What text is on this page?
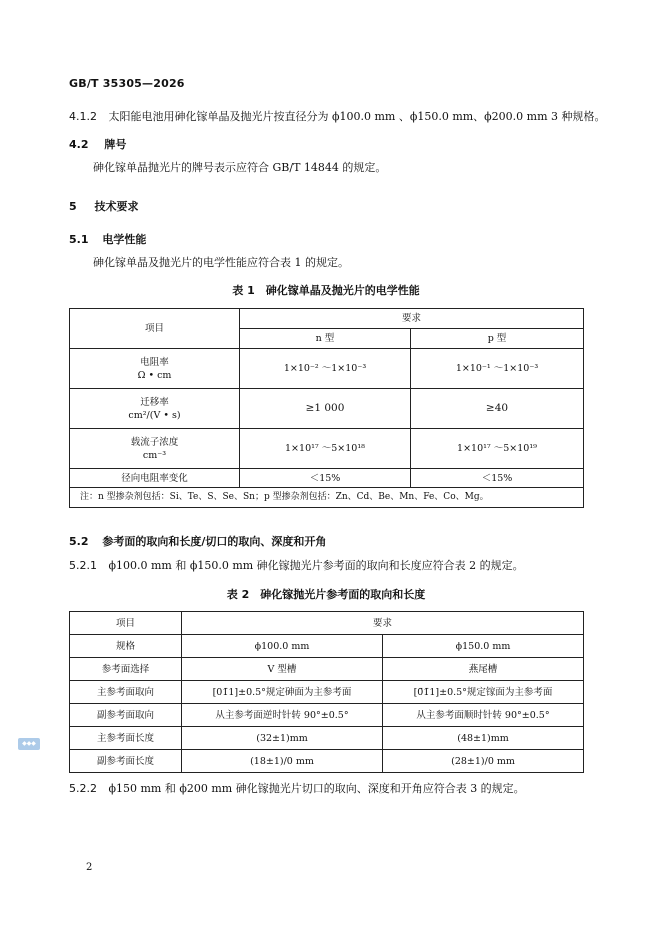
GB/T 35305—2026
4.1.2 太阳能电池用砷化镓单晶及抛光片按直径分为 ϕ100.0 mm 、ϕ150.0 mm、ϕ200.0 mm 3 种规格。
4.2 牌号
砷化镓单晶抛光片的牌号表示应符合 GB/T 14844 的规定。
5 技术要求
5.1 电学性能
砷化镓单晶及抛光片的电学性能应符合表 1 的规定。
表 1　砷化镓单晶及抛光片的电学性能
项目	要求	
	n 型	p 型

电阻率
Ω • cm	1×10⁻² ～1×10⁻³	1×10⁻¹ ～1×10⁻³

迁移率
cm²/(V • s)	≥1 000	≥40

载流子浓度
cm⁻³	1×10¹⁷ ～5×10¹⁸	1×10¹⁷ ～5×10¹⁹
径向电阻率变化	＜15%	＜15%
注：n 型掺杂剂包括：Si、Te、S、Se、Sn；p 型掺杂剂包括：Zn、Cd、Be、Mn、Fe、Co、Mg。		
5.2 参考面的取向和长度/切口的取向、深度和开角
5.2.1 ϕ100.0 mm 和 ϕ150.0 mm 砷化镓抛光片参考面的取向和长度应符合表 2 的规定。
表 2　砷化镓抛光片参考面的取向和长度
项目	要求	
规格	ϕ100.0 mm	ϕ150.0 mm
参考面选择	V 型槽	燕尾槽
主参考面取向	[01̄1]±0.5°规定砷面为主参考面	[0̄1̄1]±0.5°规定镓面为主参考面
副参考面取向	从主参考面逆时针转 90°±0.5°	从主参考面顺时针转 90°±0.5°
主参考面长度	(32±1)mm	(48±1)mm
副参考面长度	(18±1)/0 mm	(28±1)/0 mm
5.2.2 ϕ150 mm 和 ϕ200 mm 砷化镓抛光片切口的取向、深度和开角应符合表 3 的规定。
◆◆◆
2
